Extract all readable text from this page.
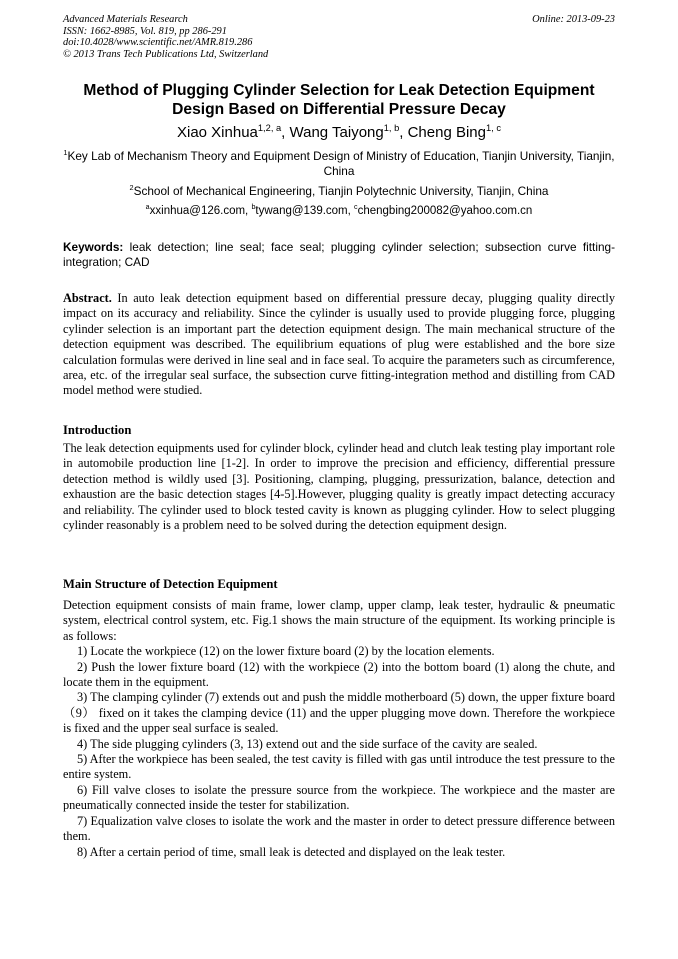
Advanced Materials Research
ISSN: 1662-8985, Vol. 819, pp 286-291
doi:10.4028/www.scientific.net/AMR.819.286
© 2013 Trans Tech Publications Ltd, Switzerland
Online: 2013-09-23
Method of Plugging Cylinder Selection for Leak Detection Equipment Design Based on Differential Pressure Decay
Xiao Xinhua$^{1,2, a}$, Wang Taiyong$^{1, b}$, Cheng Bing$^{1, c}$
$^1$Key Lab of Mechanism Theory and Equipment Design of Ministry of Education, Tianjin University, Tianjin, China
$^2$School of Mechanical Engineering, Tianjin Polytechnic University, Tianjin, China
$^a$xxinhua@126.com, $^b$tywang@139.com, $^c$chengbing200082@yahoo.com.cn
Keywords: leak detection; line seal; face seal; plugging cylinder selection; subsection curve fitting-integration; CAD
Abstract. In auto leak detection equipment based on differential pressure decay, plugging quality directly impact on its accuracy and reliability. Since the cylinder is usually used to provide plugging force, plugging cylinder selection is an important part the detection equipment design. The main mechanical structure of the detection equipment was described. The equilibrium equations of plug were established and the bore size calculation formulas were derived in line seal and in face seal. To acquire the parameters such as circumference, area, etc. of the irregular seal surface, the subsection curve fitting-integration method and distilling from CAD model method were studied.
Introduction
The leak detection equipments used for cylinder block, cylinder head and clutch leak testing play important role in automobile production line [1-2]. In order to improve the precision and efficiency, differential pressure detection method is wildly used [3]. Positioning, clamping, plugging, pressurization, balance, detection and exhaustion are the basic detection stages [4-5].However, plugging quality is greatly impact detecting accuracy and reliability. The cylinder used to block tested cavity is known as plugging cylinder. How to select plugging cylinder reasonably is a problem need to be solved during the detection equipment design.
Main Structure of Detection Equipment

Detection equipment consists of main frame, lower clamp, upper clamp, leak tester, hydraulic & pneumatic system, electrical control system, etc. Fig.1 shows the main structure of the equipment. Its working principle is as follows:

1) Locate the workpiece (12) on the lower fixture board (2) by the location elements.

2) Push the lower fixture board (12) with the workpiece (2) into the bottom board (1) along the chute, and locate them in the equipment.

3) The clamping cylinder (7) extends out and push the middle motherboard (5) down, the upper fixture board（9） fixed on it takes the clamping device (11) and the upper plugging move down. Therefore the workpiece is fixed and the upper seal surface is sealed.

4) The side plugging cylinders (3, 13) extend out and the side surface of the cavity are sealed.

5) After the workpiece has been sealed, the test cavity is filled with gas until introduce the test pressure to the entire system.

6) Fill valve closes to isolate the pressure source from the workpiece. The workpiece and the master are pneumatically connected inside the tester for stabilization.

7) Equalization valve closes to isolate the work and the master in order to detect pressure difference between them.

8) After a certain period of time, small leak is detected and displayed on the leak tester.
